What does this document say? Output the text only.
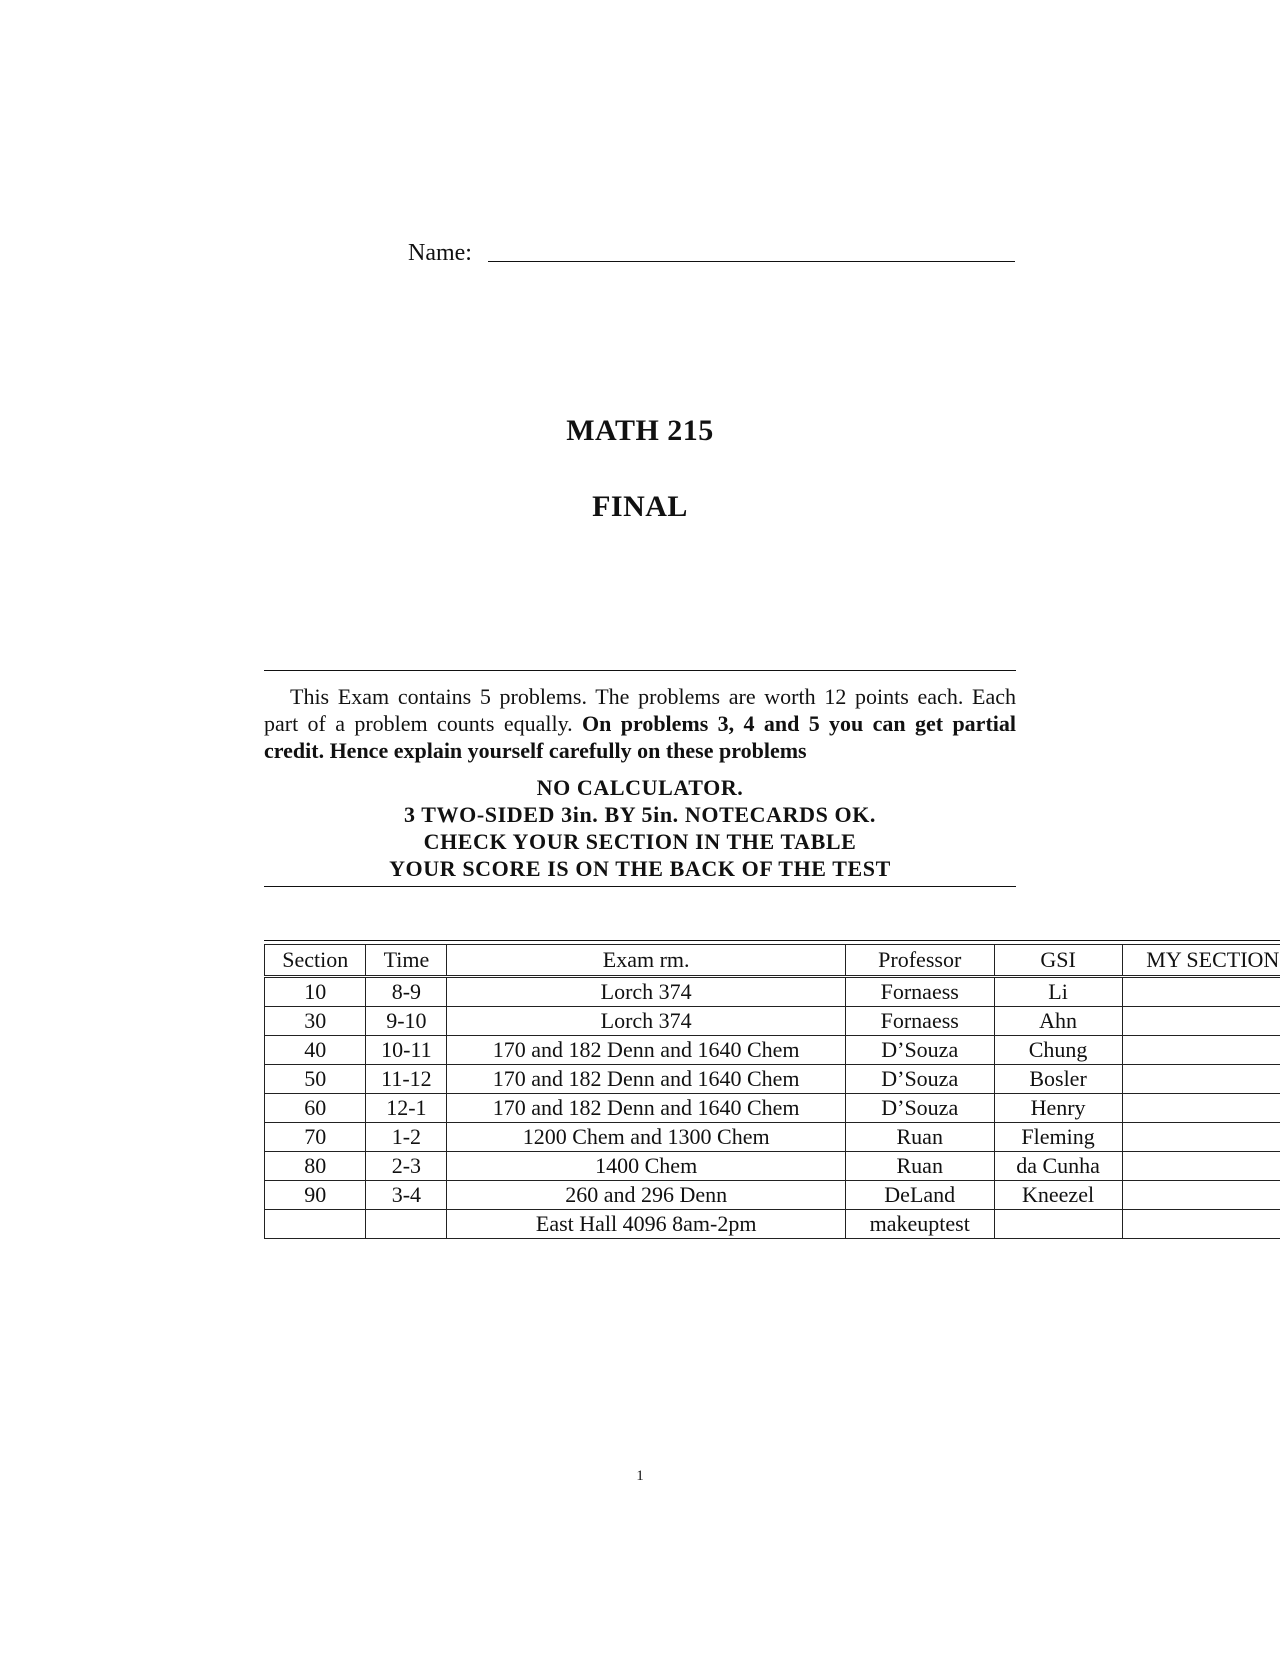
Name:
MATH 215
FINAL

This Exam contains 5 problems. The problems are worth 12 points each. Each part of a problem counts equally. On problems 3, 4 and 5 you can get partial credit. Hence explain yourself carefully on these problems

NO CALCULATOR.
3 TWO-SIDED 3in. BY 5in. NOTECARDS OK.
CHECK YOUR SECTION IN THE TABLE
YOUR SCORE IS ON THE BACK OF THE TEST
Section	Time	Exam rm.	Professor	GSI	MY SECTION
10	8-9	Lorch 374	Fornaess	Li	
30	9-10	Lorch 374	Fornaess	Ahn	
40	10-11	170 and 182 Denn and 1640 Chem	D’Souza	Chung	
50	11-12	170 and 182 Denn and 1640 Chem	D’Souza	Bosler	
60	12-1	170 and 182 Denn and 1640 Chem	D’Souza	Henry	
70	1-2	1200 Chem and 1300 Chem	Ruan	Fleming	
80	2-3	1400 Chem	Ruan	da Cunha	
90	3-4	260 and 296 Denn	DeLand	Kneezel	
		East Hall 4096 8am-2pm	makeuptest		
1
